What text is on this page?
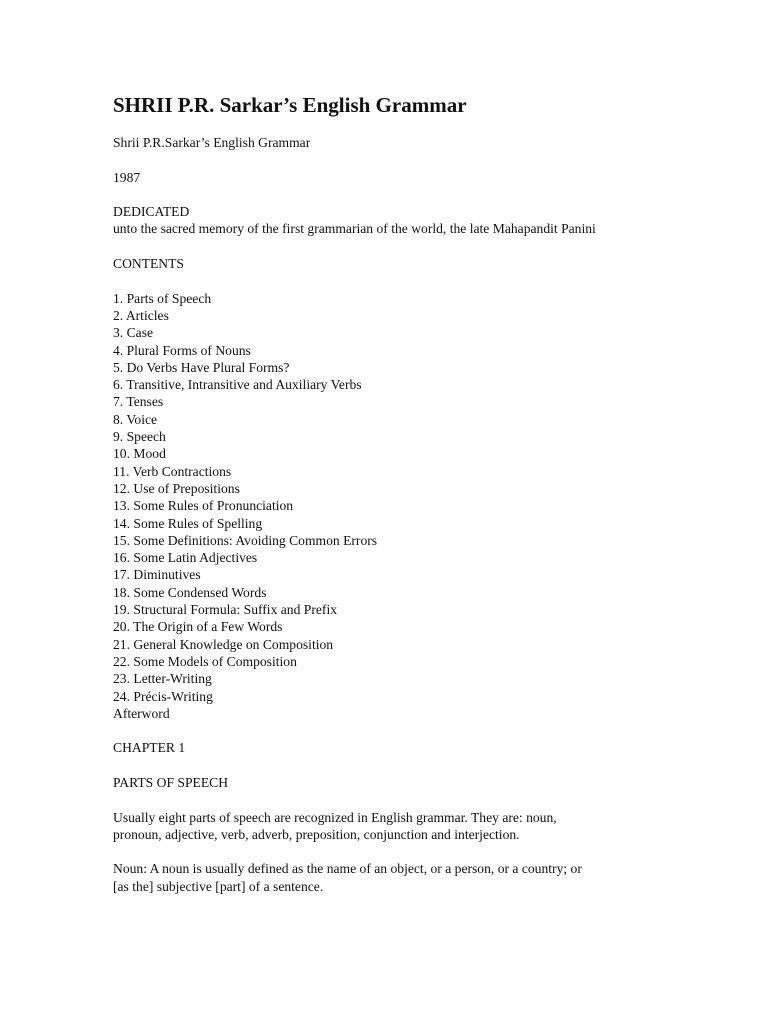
SHRII P.R. Sarkar’s English Grammar

Shrii P.R.Sarkar’s English Grammar

1987

DEDICATED

unto the sacred memory of the first grammarian of the world, the late Mahapandit Panini

CONTENTS

1. Parts of Speech
2. Articles
3. Case
4. Plural Forms of Nouns
5. Do Verbs Have Plural Forms?
6. Transitive, Intransitive and Auxiliary Verbs
7. Tenses
8. Voice
9. Speech
10. Mood
11. Verb Contractions
12. Use of Prepositions
13. Some Rules of Pronunciation
14. Some Rules of Spelling
15. Some Definitions: Avoiding Common Errors
16. Some Latin Adjectives
17. Diminutives
18. Some Condensed Words
19. Structural Formula: Suffix and Prefix
20. The Origin of a Few Words
21. General Knowledge on Composition
22. Some Models of Composition
23. Letter-Writing
24. Précis-Writing
Afterword

CHAPTER 1

PARTS OF SPEECH

Usually eight parts of speech are recognized in English grammar. They are: noun,

pronoun, adjective, verb, adverb, preposition, conjunction and interjection.

Noun: A noun is usually defined as the name of an object, or a person, or a country; or

[as the] subjective [part] of a sentence.
